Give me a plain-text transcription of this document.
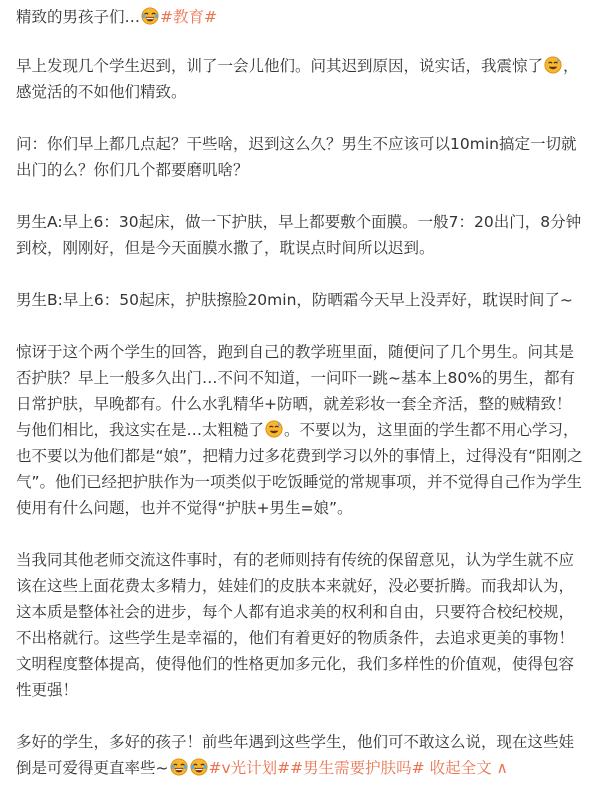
精致的男孩子们… #教育#
早上发现几个学生迟到，训了一会儿他们。问其迟到原因，说实话，我震惊了 ，感觉活的不如他们精致。
问：你们早上都几点起？干些啥，迟到这么久？男生不应该可以10min搞定一切就出门的么？你们几个都要磨叽啥？
男生A:早上6：30起床，做一下护肤，早上都要敷个面膜。一般7：20出门，8分钟到校，刚刚好，但是今天面膜水撒了，耽误点时间所以迟到。
男生B:早上6：50起床，护肤擦脸20min，防晒霜今天早上没弄好，耽误时间了~
惊讶于这个两个学生的回答，跑到自己的教学班里面，随便问了几个男生。问其是否护肤？早上一般多久出门…不问不知道，一问吓一跳~基本上80%的男生，都有日常护肤，早晚都有。什么水乳精华+防晒，就差彩妆一套全齐活，整的贼精致！与他们相比，我这实在是…太粗糙了 。不要以为，这里面的学生都不用心学习，也不要以为他们都是“娘”，把精力过多花费到学习以外的事情上，过得没有“阳刚之气”。他们已经把护肤作为一项类似于吃饭睡觉的常规事项，并不觉得自己作为学生使用有什么问题，也并不觉得“护肤+男生=娘”。
当我同其他老师交流这件事时，有的老师则持有传统的保留意见，认为学生就不应该在这些上面花费太多精力，娃娃们的皮肤本来就好，没必要折腾。而我却认为，这本质是整体社会的进步，每个人都有追求美的权利和自由，只要符合校纪校规，不出格就行。这些学生是幸福的，他们有着更好的物质条件，去追求更美的事物！文明程度整体提高，使得他们的性格更加多元化，我们多样性的价值观，使得包容性更强！
多好的学生，多好的孩子！前些年遇到这些学生，他们可不敢这么说，现在这些娃倒是可爱得更直率些~	#v光计划##男生需要护肤吗# 收起全文 ∧
